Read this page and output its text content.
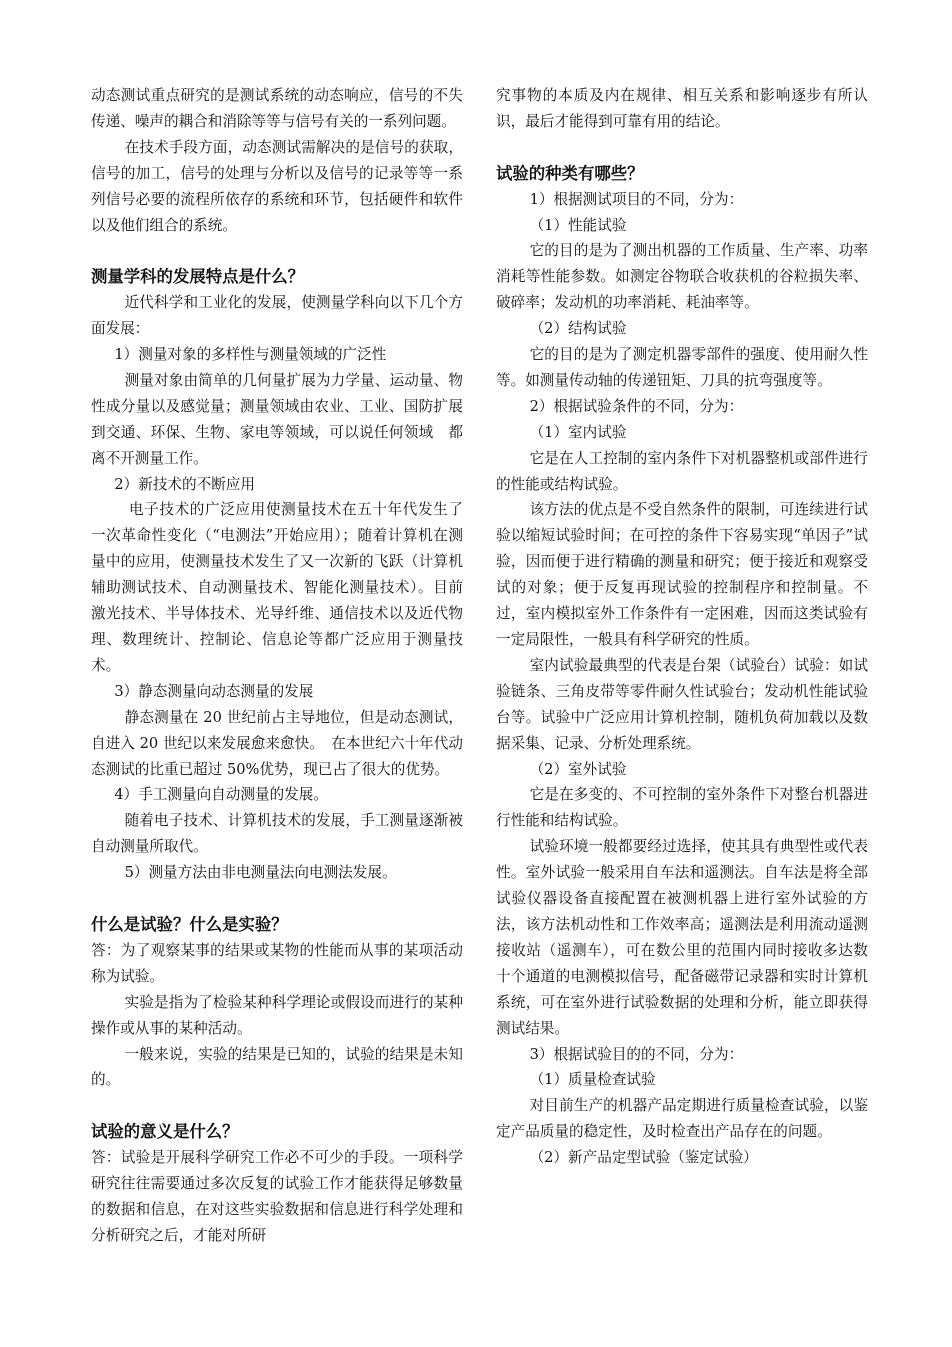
动态测试重点研究的是测试系统的动态响应，信号的不失传递、噪声的耦合和消除等等与信号有关的一系列问题。

在技术手段方面，动态测试需解决的是信号的获取，信号的加工，信号的处理与分析以及信号的记录等等一系列信号必要的流程所依存的系统和环节，包括硬件和软件以及他们组合的系统。

测量学科的发展特点是什么？

近代科学和工业化的发展，使测量学科向以下几个方面发展：

1）测量对象的多样性与测量领域的广泛性

测量对象由简单的几何量扩展为力学量、运动量、物性成分量以及感觉量；测量领域由农业、工业、国防扩展到交通、环保、生物、家电等领域，可以说任何领域　都离不开测量工作。

2）新技术的不断应用

电子技术的广泛应用使测量技术在五十年代发生了一次革命性变化（“电测法”开始应用）；随着计算机在测量中的应用，使测量技术发生了又一次新的飞跃（计算机辅助测试技术、自动测量技术、智能化测量技术）。目前激光技术、半导体技术、光导纤维、通信技术以及近代物理、数理统计、控制论、信息论等都广泛应用于测量技术。

3）静态测量向动态测量的发展

静态测量在 20 世纪前占主导地位，但是动态测试，自进入 20 世纪以来发展愈来愈快。　在本世纪六十年代动态测试的比重已超过 50%优势，现已占了很大的优势。

4）手工测量向自动测量的发展。

随着电子技术、计算机技术的发展，手工测量逐渐被自动测量所取代。

5）测量方法由非电测量法向电测法发展。

什么是试验？什么是实验？

答：为了观察某事的结果或某物的性能而从事的某项活动称为试验。

实验是指为了检验某种科学理论或假设而进行的某种操作或从事的某种活动。

一般来说，实验的结果是已知的，试验的结果是未知的。

试验的意义是什么？

答：试验是开展科学研究工作必不可少的手段。一项科学研究往往需要通过多次反复的试验工作才能获得足够数量的数据和信息，在对这些实验数据和信息进行科学处理和分析研究之后，才能对所研

究事物的本质及内在规律、相互关系和影响逐步有所认识，最后才能得到可靠有用的结论。

试验的种类有哪些？

1）根据测试项目的不同，分为：

（1）性能试验

它的目的是为了测出机器的工作质量、生产率、功率消耗等性能参数。如测定谷物联合收获机的谷粒损失率、破碎率；发动机的功率消耗、耗油率等。

（2）结构试验

它的目的是为了测定机器零部件的强度、使用耐久性等。如测量传动轴的传递钮矩、刀具的抗弯强度等。

2）根据试验条件的不同，分为：

（1）室内试验

它是在人工控制的室内条件下对机器整机或部件进行的性能或结构试验。

该方法的优点是不受自然条件的限制，可连续进行试验以缩短试验时间；在可控的条件下容易实现“单因子”试验，因而便于进行精确的测量和研究；便于接近和观察受试的对象；便于反复再现试验的控制程序和控制量。不过，室内模拟室外工作条件有一定困难，因而这类试验有一定局限性，一般具有科学研究的性质。

室内试验最典型的代表是台架（试验台）试验：如试验链条、三角皮带等零件耐久性试验台；发动机性能试验台等。试验中广泛应用计算机控制，随机负荷加载以及数据采集、记录、分析处理系统。

（2）室外试验

它是在多变的、不可控制的室外条件下对整台机器进行性能和结构试验。

试验环境一般都要经过选择，使其具有典型性或代表性。室外试验一般采用自车法和遥测法。自车法是将全部试验仪器设备直接配置在被测机器上进行室外试验的方法，该方法机动性和工作效率高；遥测法是利用流动遥测接收站（遥测车），可在数公里的范围内同时接收多达数十个通道的电测模拟信号，配备磁带记录器和实时计算机系统，可在室外进行试验数据的处理和分析，能立即获得测试结果。

3）根据试验目的的不同，分为：

（1）质量检查试验

对目前生产的机器产品定期进行质量检查试验，以鉴定产品质量的稳定性，及时检查出产品存在的问题。

（2）新产品定型试验（鉴定试验）
